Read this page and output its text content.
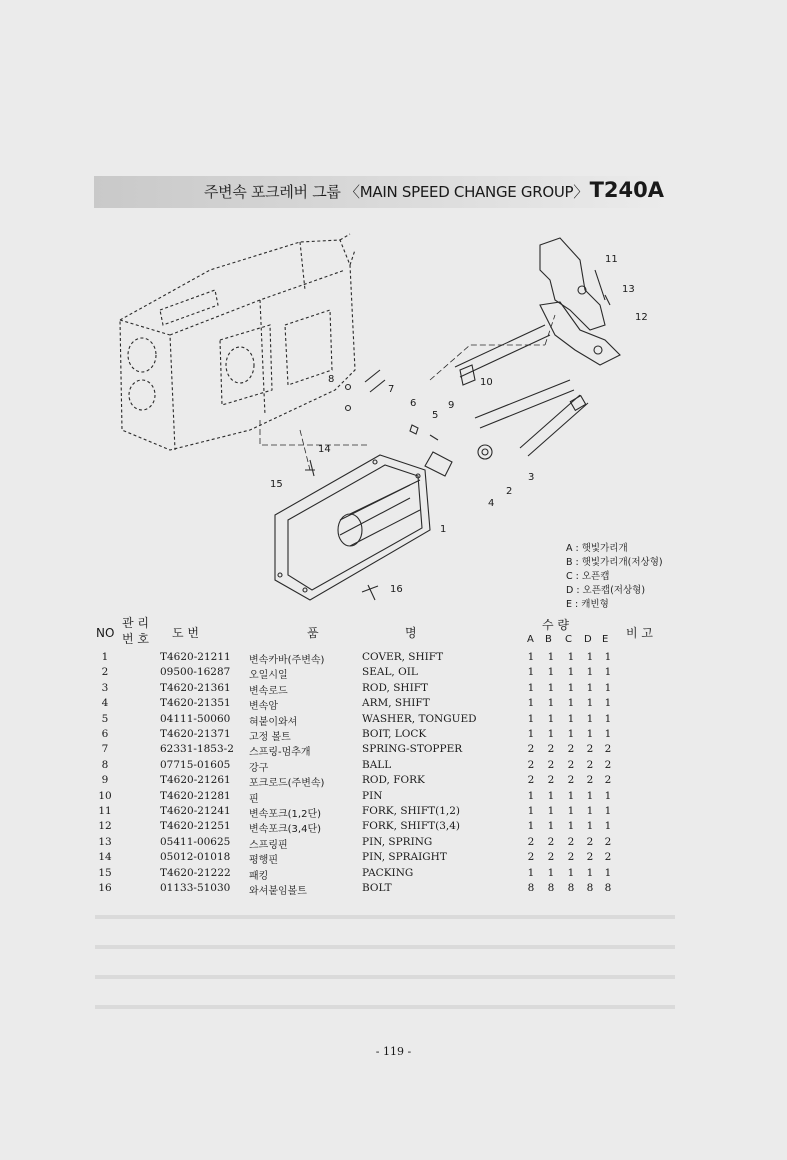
주변속 포크레버 그룹 〈MAIN SPEED CHANGE GROUP〉 T240A
11
13
12
10
8
7
6
5
9
14
15
3
2
4
1
16
A : 햇빛가리개
B : 햇빛가리개(저상형)
C : 오픈캡
D : 오픈캡(저상형)
E : 캐빈형
NO
관 리
번 호 도 번	품	명
수 량
A B C D E 비 고
1	T4620-21211 변속카바(주변속)	COVER, SHIFT	1 1 1 1 1
2	09500-16287 오일시일	SEAL, OIL	1 1 1 1 1
3	T4620-21361 변속로드	ROD, SHIFT	1 1 1 1 1
4	T4620-21351 변속암	ARM, SHIFT	1 1 1 1 1
5	04111-50060 혀붙이와셔	WASHER, TONGUED	1 1 1 1 1
6	T4620-21371 고정 볼트	BOIT, LOCK	1 1 1 1 1
7	62331-1853-2 스프링-멈추개	SPRING-STOPPER	2 2 2 2 2
8	07715-01605 강구	BALL	2 2 2 2 2
9	T4620-21261 포크로드(주변속)	ROD, FORK	2 2 2 2 2
10	T4620-21281 핀	PIN	1 1 1 1 1
11	T4620-21241 변속포크(1,2단)	FORK, SHIFT(1,2)	1 1 1 1 1
12	T4620-21251 변속포크(3,4단)	FORK, SHIFT(3,4)	1 1 1 1 1
13	05411-00625 스프링핀	PIN, SPRING	2 2 2 2 2
14	05012-01018 평행핀	PIN, SPRAIGHT	2 2 2 2 2
15	T4620-21222 패킹	PACKING	1 1 1 1 1
16	01133-51030 와셔붙임볼트	BOLT	8 8 8 8 8
- 119 -
